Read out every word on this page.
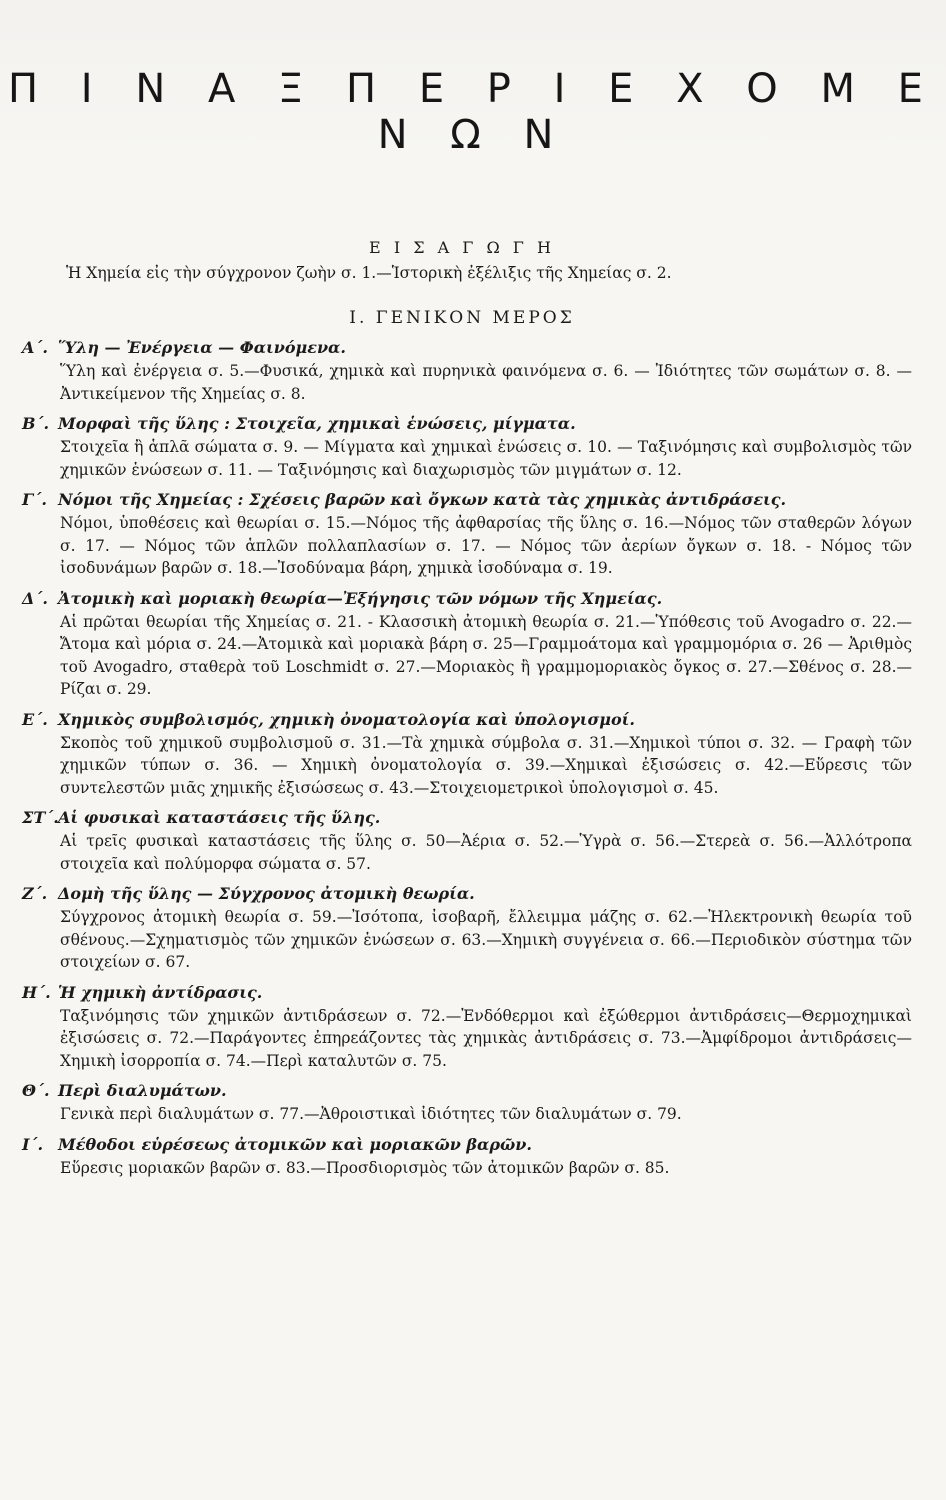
Π Ι Ν Α Ξ Π Ε Ρ Ι Ε Χ Ο Μ Ε Ν Ω Ν
Ε Ι Σ Α Γ Ω Γ Η
Ἡ Χημεία εἰς τὴν σύγχρονον ζωὴν σ. 1.—Ἱστορικὴ ἐξέλιξις τῆς Χημείας σ. 2.
Ι. ΓΕΝΙΚΟΝ ΜΕΡΟΣ
Α΄. Ὕλη — Ἐνέργεια — Φαινόμενα.
Ὕλη καὶ ἐνέργεια σ. 5.—Φυσικά, χημικὰ καὶ πυρηνικὰ φαινόμενα σ. 6. — Ἰδιότητες τῶν σωμάτων σ. 8. — Ἀντικείμενον τῆς Χημείας σ. 8.
Β΄. Μορφαὶ τῆς ὕλης : Στοιχεῖα, χημικαὶ ἑνώσεις, μίγματα.
Στοιχεῖα ἢ ἁπλᾶ σώματα σ. 9. — Μίγματα καὶ χημικαὶ ἑνώσεις σ. 10. — Ταξινόμησις καὶ συμβολισμὸς τῶν χημικῶν ἑνώσεων σ. 11. — Ταξινόμησις καὶ διαχωρισμὸς τῶν μιγμάτων σ. 12.
Γ΄. Νόμοι τῆς Χημείας : Σχέσεις βαρῶν καὶ ὄγκων κατὰ τὰς χημικὰς ἀντιδράσεις.
Νόμοι, ὑποθέσεις καὶ θεωρίαι σ. 15.—Νόμος τῆς ἀφθαρσίας τῆς ὕλης σ. 16.—Νόμος τῶν σταθερῶν λόγων σ. 17. — Νόμος τῶν ἁπλῶν πολλαπλασίων σ. 17. — Νόμος τῶν ἀερίων ὄγκων σ. 18. - Νόμος τῶν ἰσοδυνάμων βαρῶν σ. 18.—Ἰσοδύναμα βάρη, χημικὰ ἰσοδύναμα σ. 19.
Δ΄. Ἀτομικὴ καὶ μοριακὴ θεωρία—Ἐξήγησις τῶν νόμων τῆς Χημείας.
Αἱ πρῶται θεωρίαι τῆς Χημείας σ. 21. - Κλασσικὴ ἀτομικὴ θεωρία σ. 21.—Ὑπόθεσις τοῦ Avogadro σ. 22.—Ἄτομα καὶ μόρια σ. 24.—Ἀτομικὰ καὶ μοριακὰ βάρη σ. 25—Γραμμοάτομα καὶ γραμμομόρια σ. 26 — Ἀριθμὸς τοῦ Avogadro, σταθερὰ τοῦ Loschmidt σ. 27.—Μοριακὸς ἢ γραμμομοριακὸς ὄγκος σ. 27.—Σθένος σ. 28.—Ρίζαι σ. 29.
Ε΄. Χημικὸς συμβολισμός, χημικὴ ὀνοματολογία καὶ ὑπολογισμοί.
Σκοπὸς τοῦ χημικοῦ συμβολισμοῦ σ. 31.—Τὰ χημικὰ σύμβολα σ. 31.—Χημικοὶ τύποι σ. 32. — Γραφὴ τῶν χημικῶν τύπων σ. 36. — Χημικὴ ὀνοματολογία σ. 39.—Χημικαὶ ἐξισώσεις σ. 42.—Εὕρεσις τῶν συντελεστῶν μιᾶς χημικῆς ἐξισώσεως σ. 43.—Στοιχειομετρικοὶ ὑπολογισμοὶ σ. 45.
ΣΤ΄.Αἱ φυσικαὶ καταστάσεις τῆς ὕλης.
Αἱ τρεῖς φυσικαὶ καταστάσεις τῆς ὕλης σ. 50—Ἀέρια σ. 52.—Ὑγρὰ σ. 56.—Στερεὰ σ. 56.—Ἀλλότροπα στοιχεῖα καὶ πολύμορφα σώματα σ. 57.
Ζ΄. Δομὴ τῆς ὕλης — Σύγχρονος ἀτομικὴ θεωρία.
Σύγχρονος ἀτομικὴ θεωρία σ. 59.—Ἰσότοπα, ἰσοβαρῆ, ἔλλειμμα μάζης σ. 62.—Ἠλεκτρονικὴ θεωρία τοῦ σθένους.—Σχηματισμὸς τῶν χημικῶν ἑνώσεων σ. 63.—Χημικὴ συγγένεια σ. 66.—Περιοδικὸν σύστημα τῶν στοιχείων σ. 67.
Η΄. Ἡ χημικὴ ἀντίδρασις.
Ταξινόμησις τῶν χημικῶν ἀντιδράσεων σ. 72.—Ἐνδόθερμοι καὶ ἐξώθερμοι ἀντιδράσεις—Θερμοχημικαὶ ἐξισώσεις σ. 72.—Παράγοντες ἐπηρεάζοντες τὰς χημικὰς ἀντιδράσεις σ. 73.—Ἀμφίδρομοι ἀντιδράσεις—Χημικὴ ἰσορροπία σ. 74.—Περὶ καταλυτῶν σ. 75.
Θ΄. Περὶ διαλυμάτων.
Γενικὰ περὶ διαλυμάτων σ. 77.—Ἀθροιστικαὶ ἰδιότητες τῶν διαλυμάτων σ. 79.
Ι΄. Μέθοδοι εὑρέσεως ἀτομικῶν καὶ μοριακῶν βαρῶν.
Εὕρεσις μοριακῶν βαρῶν σ. 83.—Προσδιορισμὸς τῶν ἀτομικῶν βαρῶν σ. 85.
